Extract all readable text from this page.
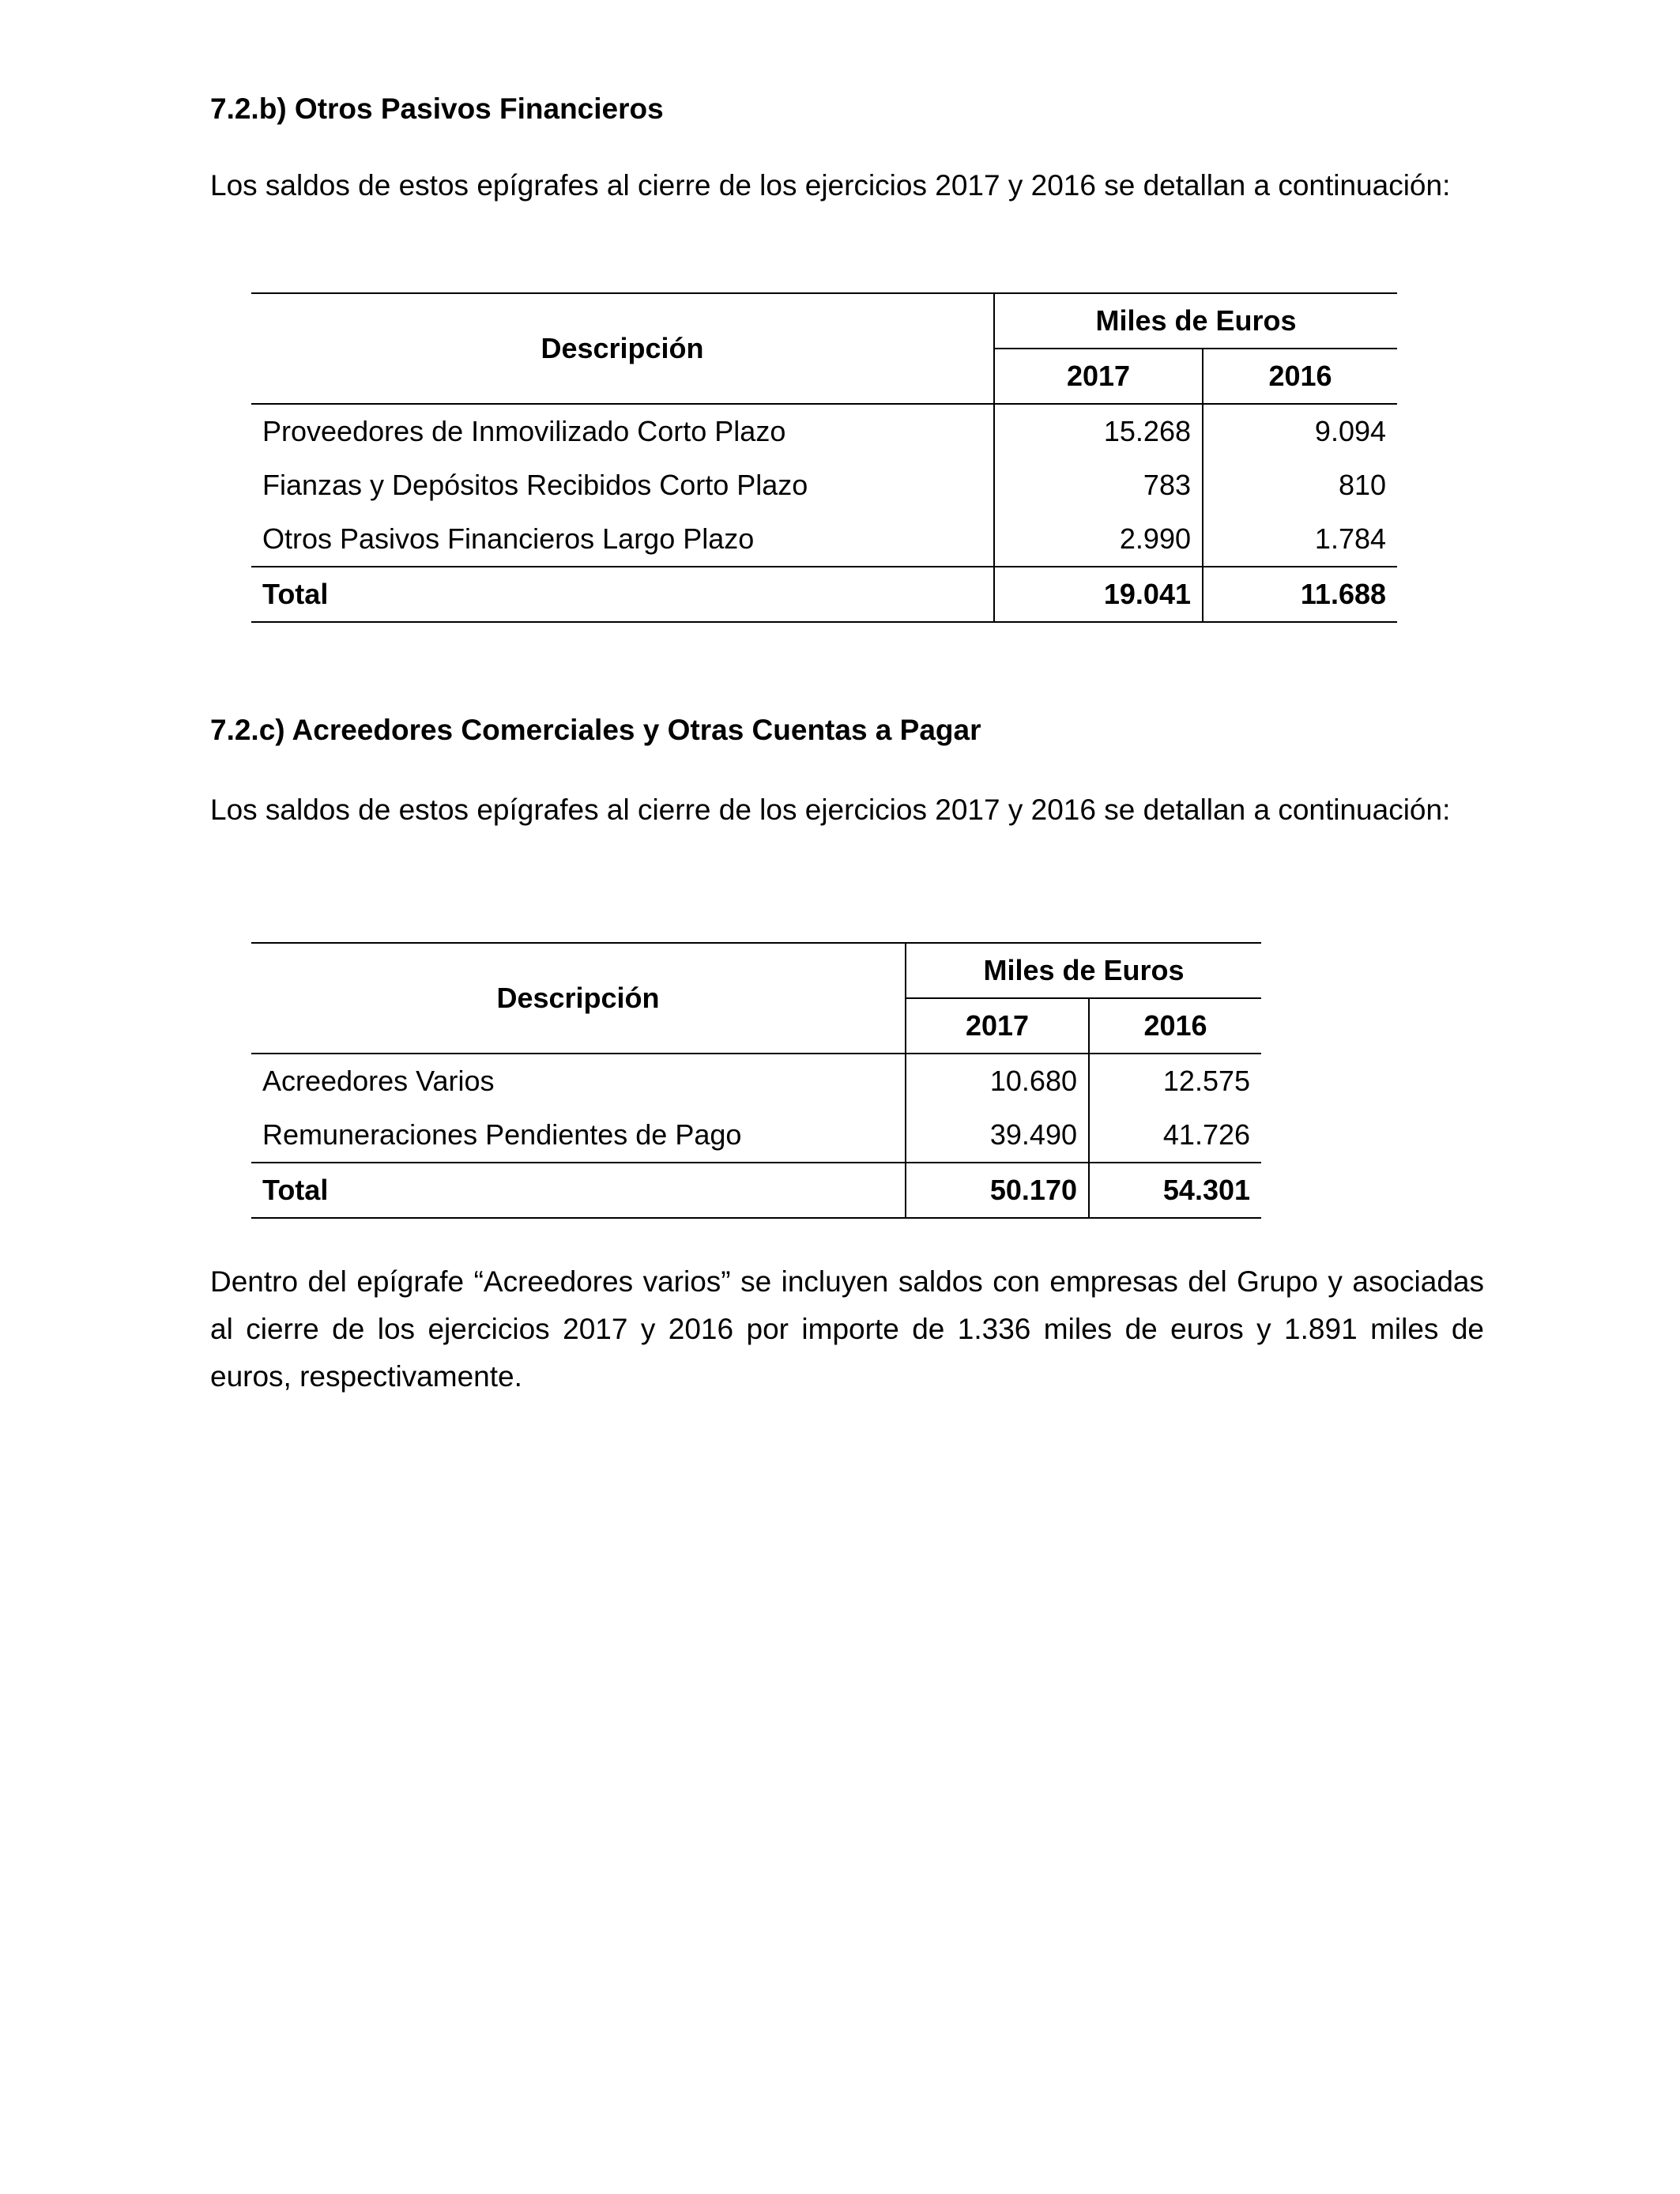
7.2.b) Otros Pasivos Financieros

Los saldos de estos epígrafes al cierre de los ejercicios 2017 y 2016 se detallan a continuación:

Descripción	Miles de Euros	
	2017	2016
Proveedores de Inmovilizado Corto Plazo	15.268	9.094
Fianzas y Depósitos Recibidos Corto Plazo	783	810
Otros Pasivos Financieros Largo Plazo	2.990	1.784
Total	19.041	11.688
7.2.c) Acreedores Comerciales y Otras Cuentas a Pagar

Los saldos de estos epígrafes al cierre de los ejercicios 2017 y 2016 se detallan a continuación:

Descripción	Miles de Euros	
	2017	2016
Acreedores Varios	10.680	12.575
Remuneraciones Pendientes de Pago	39.490	41.726
Total	50.170	54.301

Dentro del epígrafe “Acreedores varios” se incluyen saldos con empresas del Grupo y asociadas al cierre de los ejercicios 2017 y 2016 por importe de 1.336 miles de euros y 1.891 miles de euros, respectivamente.
